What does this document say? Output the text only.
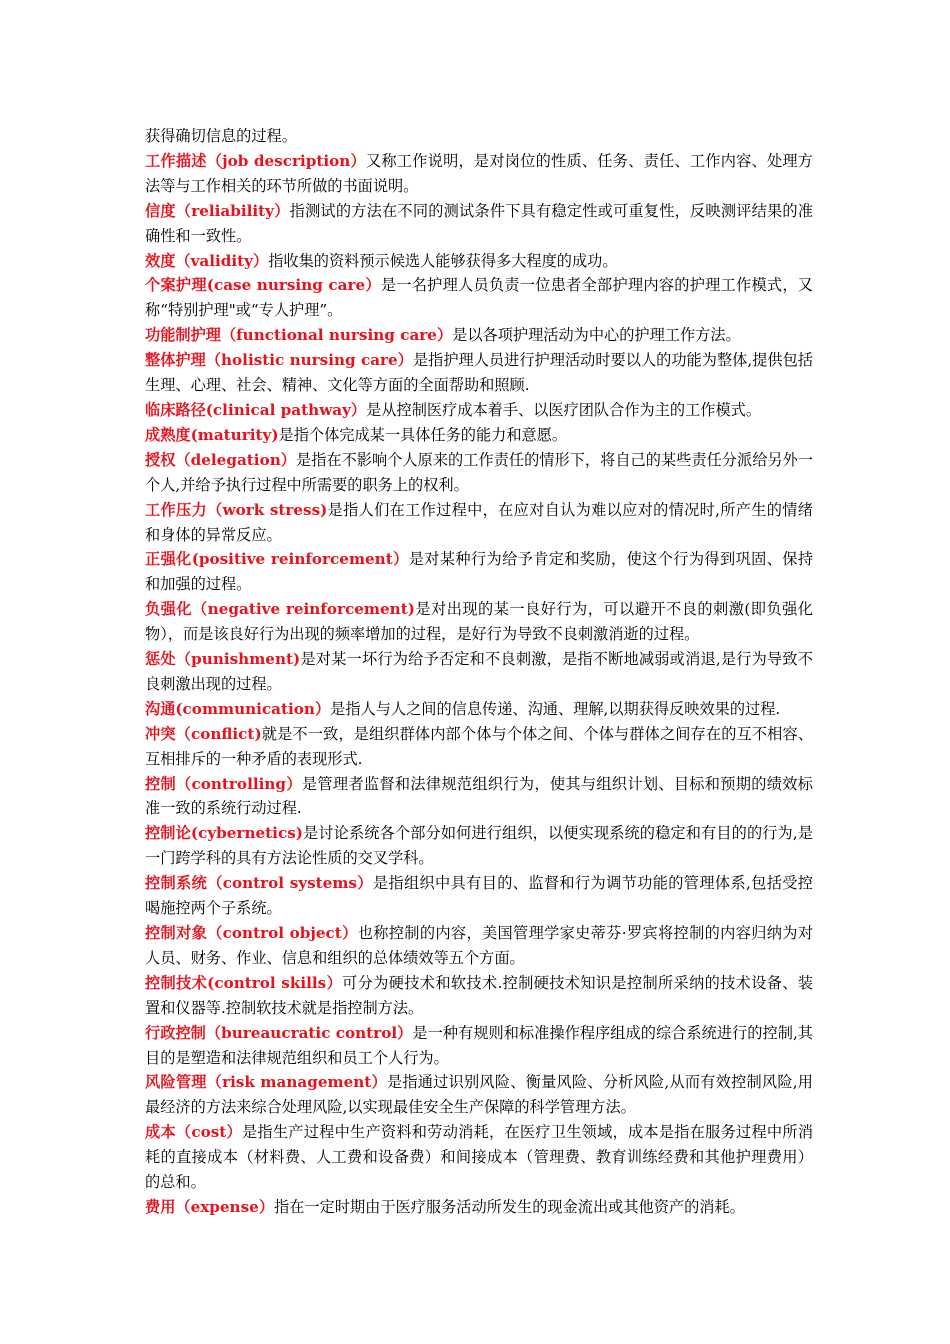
获得确切信息的过程。

工作描述（job description）又称工作说明，是对岗位的性质、任务、责任、工作内容、处理方法等与工作相关的环节所做的书面说明。

信度（reliability）指测试的方法在不同的测试条件下具有稳定性或可重复性，反映测评结果的准确性和一致性。

效度（validity）指收集的资料预示候选人能够获得多大程度的成功。

个案护理(case nursing care）是一名护理人员负责一位患者全部护理内容的护理工作模式，又称“特别护理"或“专人护理”。

功能制护理（functional nursing care）是以各项护理活动为中心的护理工作方法。

整体护理（holistic nursing care）是指护理人员进行护理活动时要以人的功能为整体,提供包括生理、心理、社会、精神、文化等方面的全面帮助和照顾.

临床路径(clinical pathway）是从控制医疗成本着手、以医疗团队合作为主的工作模式。

成熟度(maturity)是指个体完成某一具体任务的能力和意愿。

授权（delegation）是指在不影响个人原来的工作责任的情形下，将自己的某些责任分派给另外一个人,并给予执行过程中所需要的职务上的权利。

工作压力（work stress)是指人们在工作过程中，在应对自认为难以应对的情况时,所产生的情绪和身体的异常反应。

正强化(positive reinforcement）是对某种行为给予肯定和奖励，使这个行为得到巩固、保持和加强的过程。

负强化（negative reinforcement)是对出现的某一良好行为，可以避开不良的刺激(即负强化物），而是该良好行为出现的频率增加的过程，是好行为导致不良刺激消逝的过程。

惩处（punishment)是对某一坏行为给予否定和不良刺激，是指不断地减弱或消退,是行为导致不良刺激出现的过程。

沟通(communication）是指人与人之间的信息传递、沟通、理解,以期获得反映效果的过程.

冲突（conflict)就是不一致，是组织群体内部个体与个体之间、个体与群体之间存在的互不相容、互相排斥的一种矛盾的表现形式.

控制（controlling）是管理者监督和法律规范组织行为，使其与组织计划、目标和预期的绩效标准一致的系统行动过程.

控制论(cybernetics)是讨论系统各个部分如何进行组织，以便实现系统的稳定和有目的的行为,是一门跨学科的具有方法论性质的交叉学科。

控制系统（control systems）是指组织中具有目的、监督和行为调节功能的管理体系,包括受控喝施控两个子系统。

控制对象（control object）也称控制的内容，美国管理学家史蒂芬·罗宾将控制的内容归纳为对人员、财务、作业、信息和组织的总体绩效等五个方面。

控制技术(control skills）可分为硬技术和软技术.控制硬技术知识是控制所采纳的技术设备、装置和仪器等.控制软技术就是指控制方法。

行政控制（bureaucratic control）是一种有规则和标准操作程序组成的综合系统进行的控制,其目的是塑造和法律规范组织和员工个人行为。

风险管理（risk management）是指通过识别风险、衡量风险、分析风险,从而有效控制风险,用最经济的方法来综合处理风险,以实现最佳安全生产保障的科学管理方法。

成本（cost）是指生产过程中生产资料和劳动消耗，在医疗卫生领域，成本是指在服务过程中所消耗的直接成本（材料费、人工费和设备费）和间接成本（管理费、教育训练经费和其他护理费用）的总和。

费用（expense）指在一定时期由于医疗服务活动所发生的现金流出或其他资产的消耗。
